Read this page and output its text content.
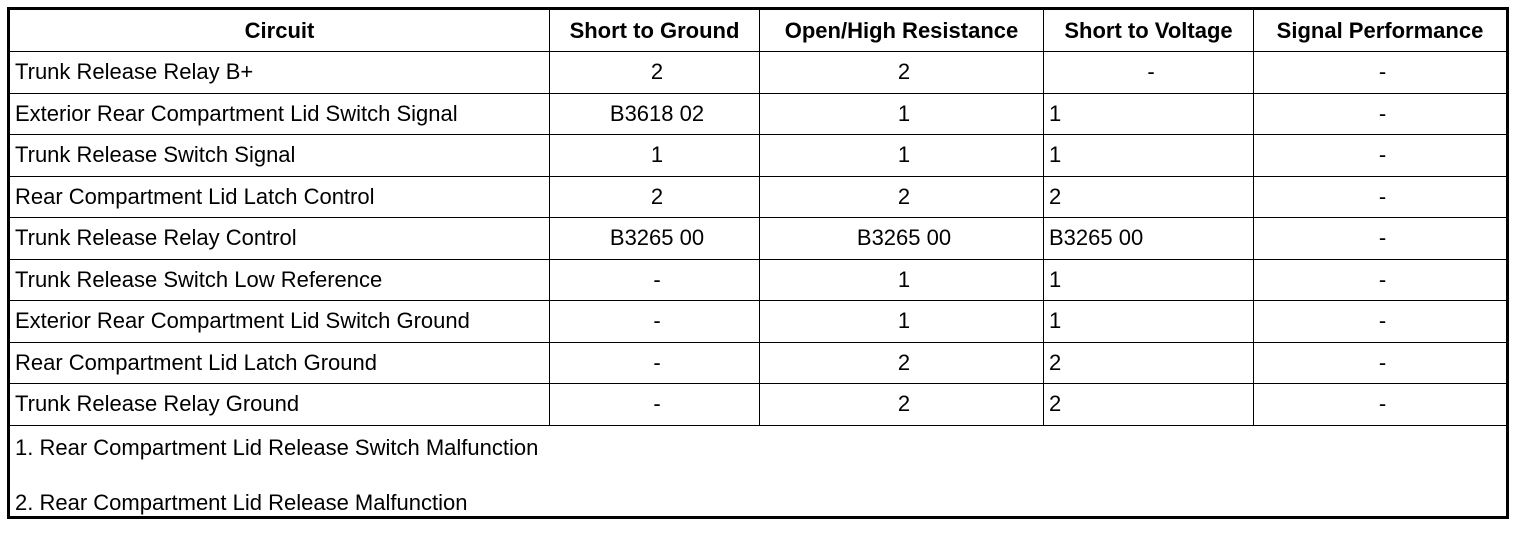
Circuit	Short to Ground	Open/High Resistance	Short to Voltage	Signal Performance
Trunk Release Relay B+	2	2	-	-
Exterior Rear Compartment Lid Switch Signal	B3618 02	1	1	-
Trunk Release Switch Signal	1	1	1	-
Rear Compartment Lid Latch Control	2	2	2	-
Trunk Release Relay Control	B3265 00	B3265 00	B3265 00	-
Trunk Release Switch Low Reference	-	1	1	-
Exterior Rear Compartment Lid Switch Ground	-	1	1	-
Rear Compartment Lid Latch Ground	-	2	2	-
Trunk Release Relay Ground	-	2	2	-

1. Rear Compartment Lid Release Switch Malfunction
2. Rear Compartment Lid Release Malfunction				
